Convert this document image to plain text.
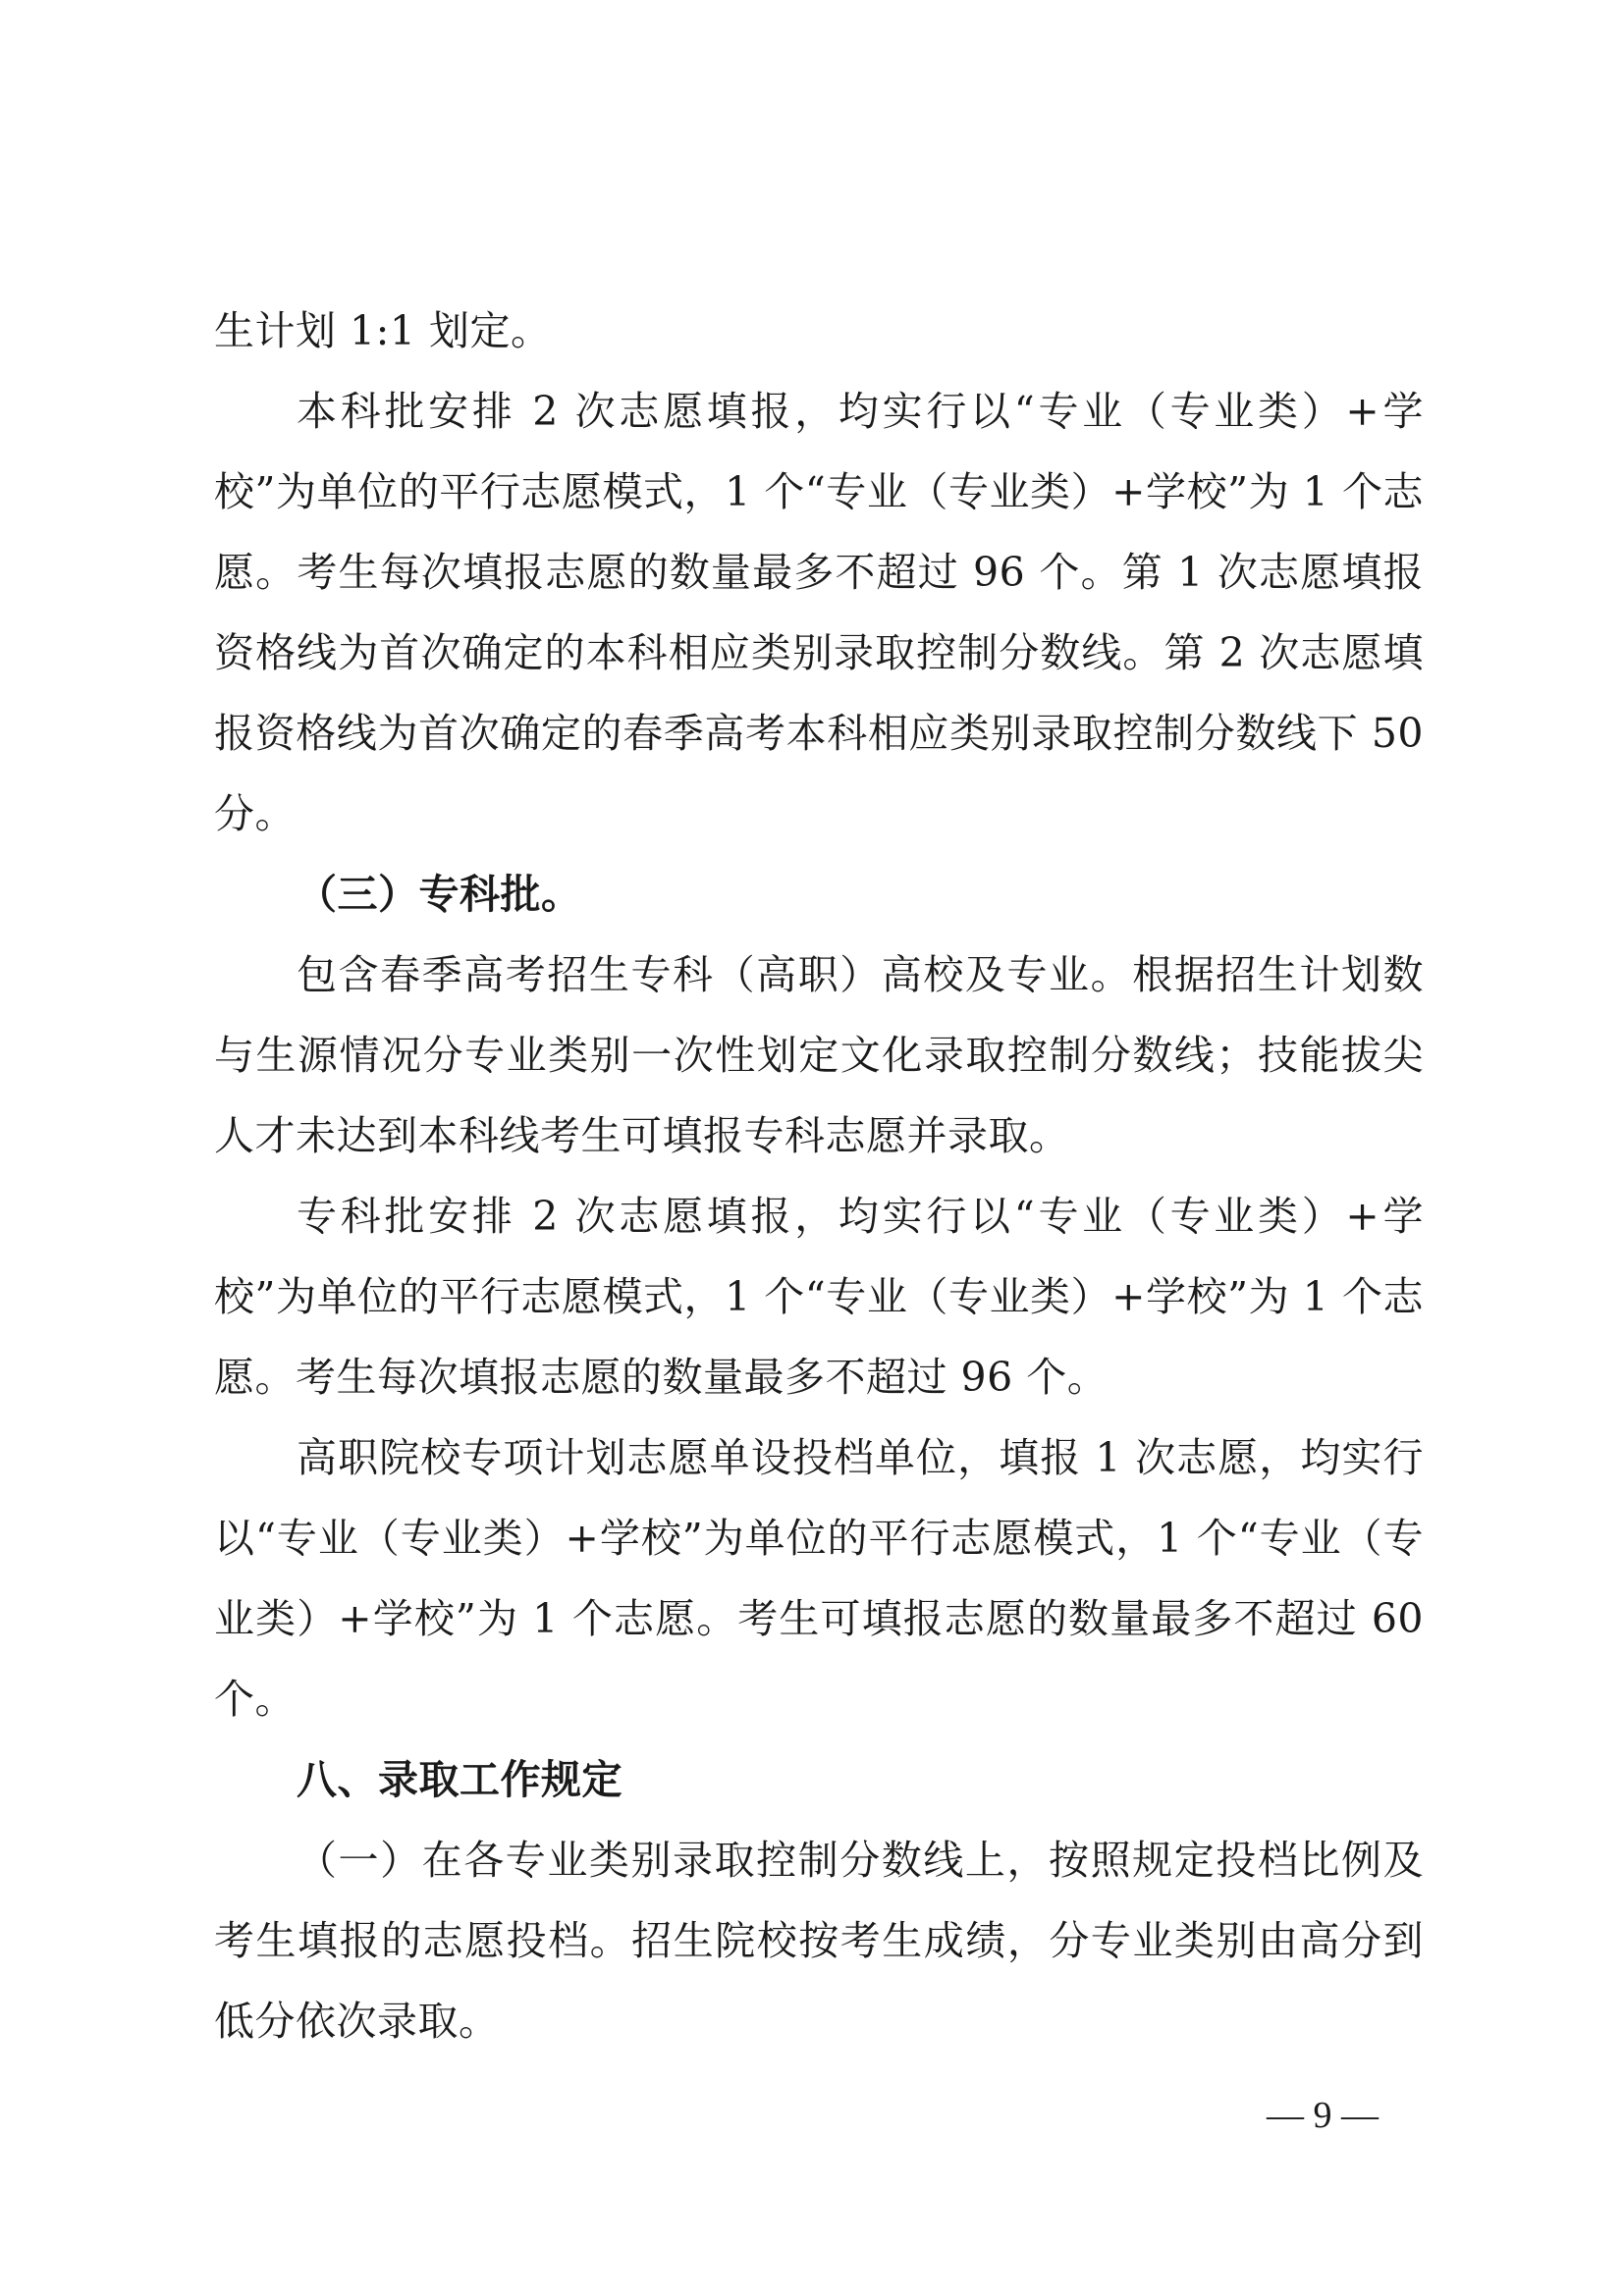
生计划 1:1 划定。

本科批安排 2 次志愿填报，均实行以“专业（专业类）+学校”为单位的平行志愿模式，1 个“专业（专业类）+学校”为 1 个志愿。考生每次填报志愿的数量最多不超过 96 个。第 1 次志愿填报资格线为首次确定的本科相应类别录取控制分数线。第 2 次志愿填报资格线为首次确定的春季高考本科相应类别录取控制分数线下 50 分。

（三）专科批。

包含春季高考招生专科（高职）高校及专业。根据招生计划数与生源情况分专业类别一次性划定文化录取控制分数线；技能拔尖人才未达到本科线考生可填报专科志愿并录取。

专科批安排 2 次志愿填报，均实行以“专业（专业类）+学校”为单位的平行志愿模式，1 个“专业（专业类）+学校”为 1 个志愿。考生每次填报志愿的数量最多不超过 96 个。

高职院校专项计划志愿单设投档单位，填报 1 次志愿，均实行以“专业（专业类）+学校”为单位的平行志愿模式，1 个“专业（专业类）+学校”为 1 个志愿。考生可填报志愿的数量最多不超过 60 个。

八、录取工作规定

（一）在各专业类别录取控制分数线上，按照规定投档比例及考生填报的志愿投档。招生院校按考生成绩，分专业类别由高分到低分依次录取。

— 9 —
